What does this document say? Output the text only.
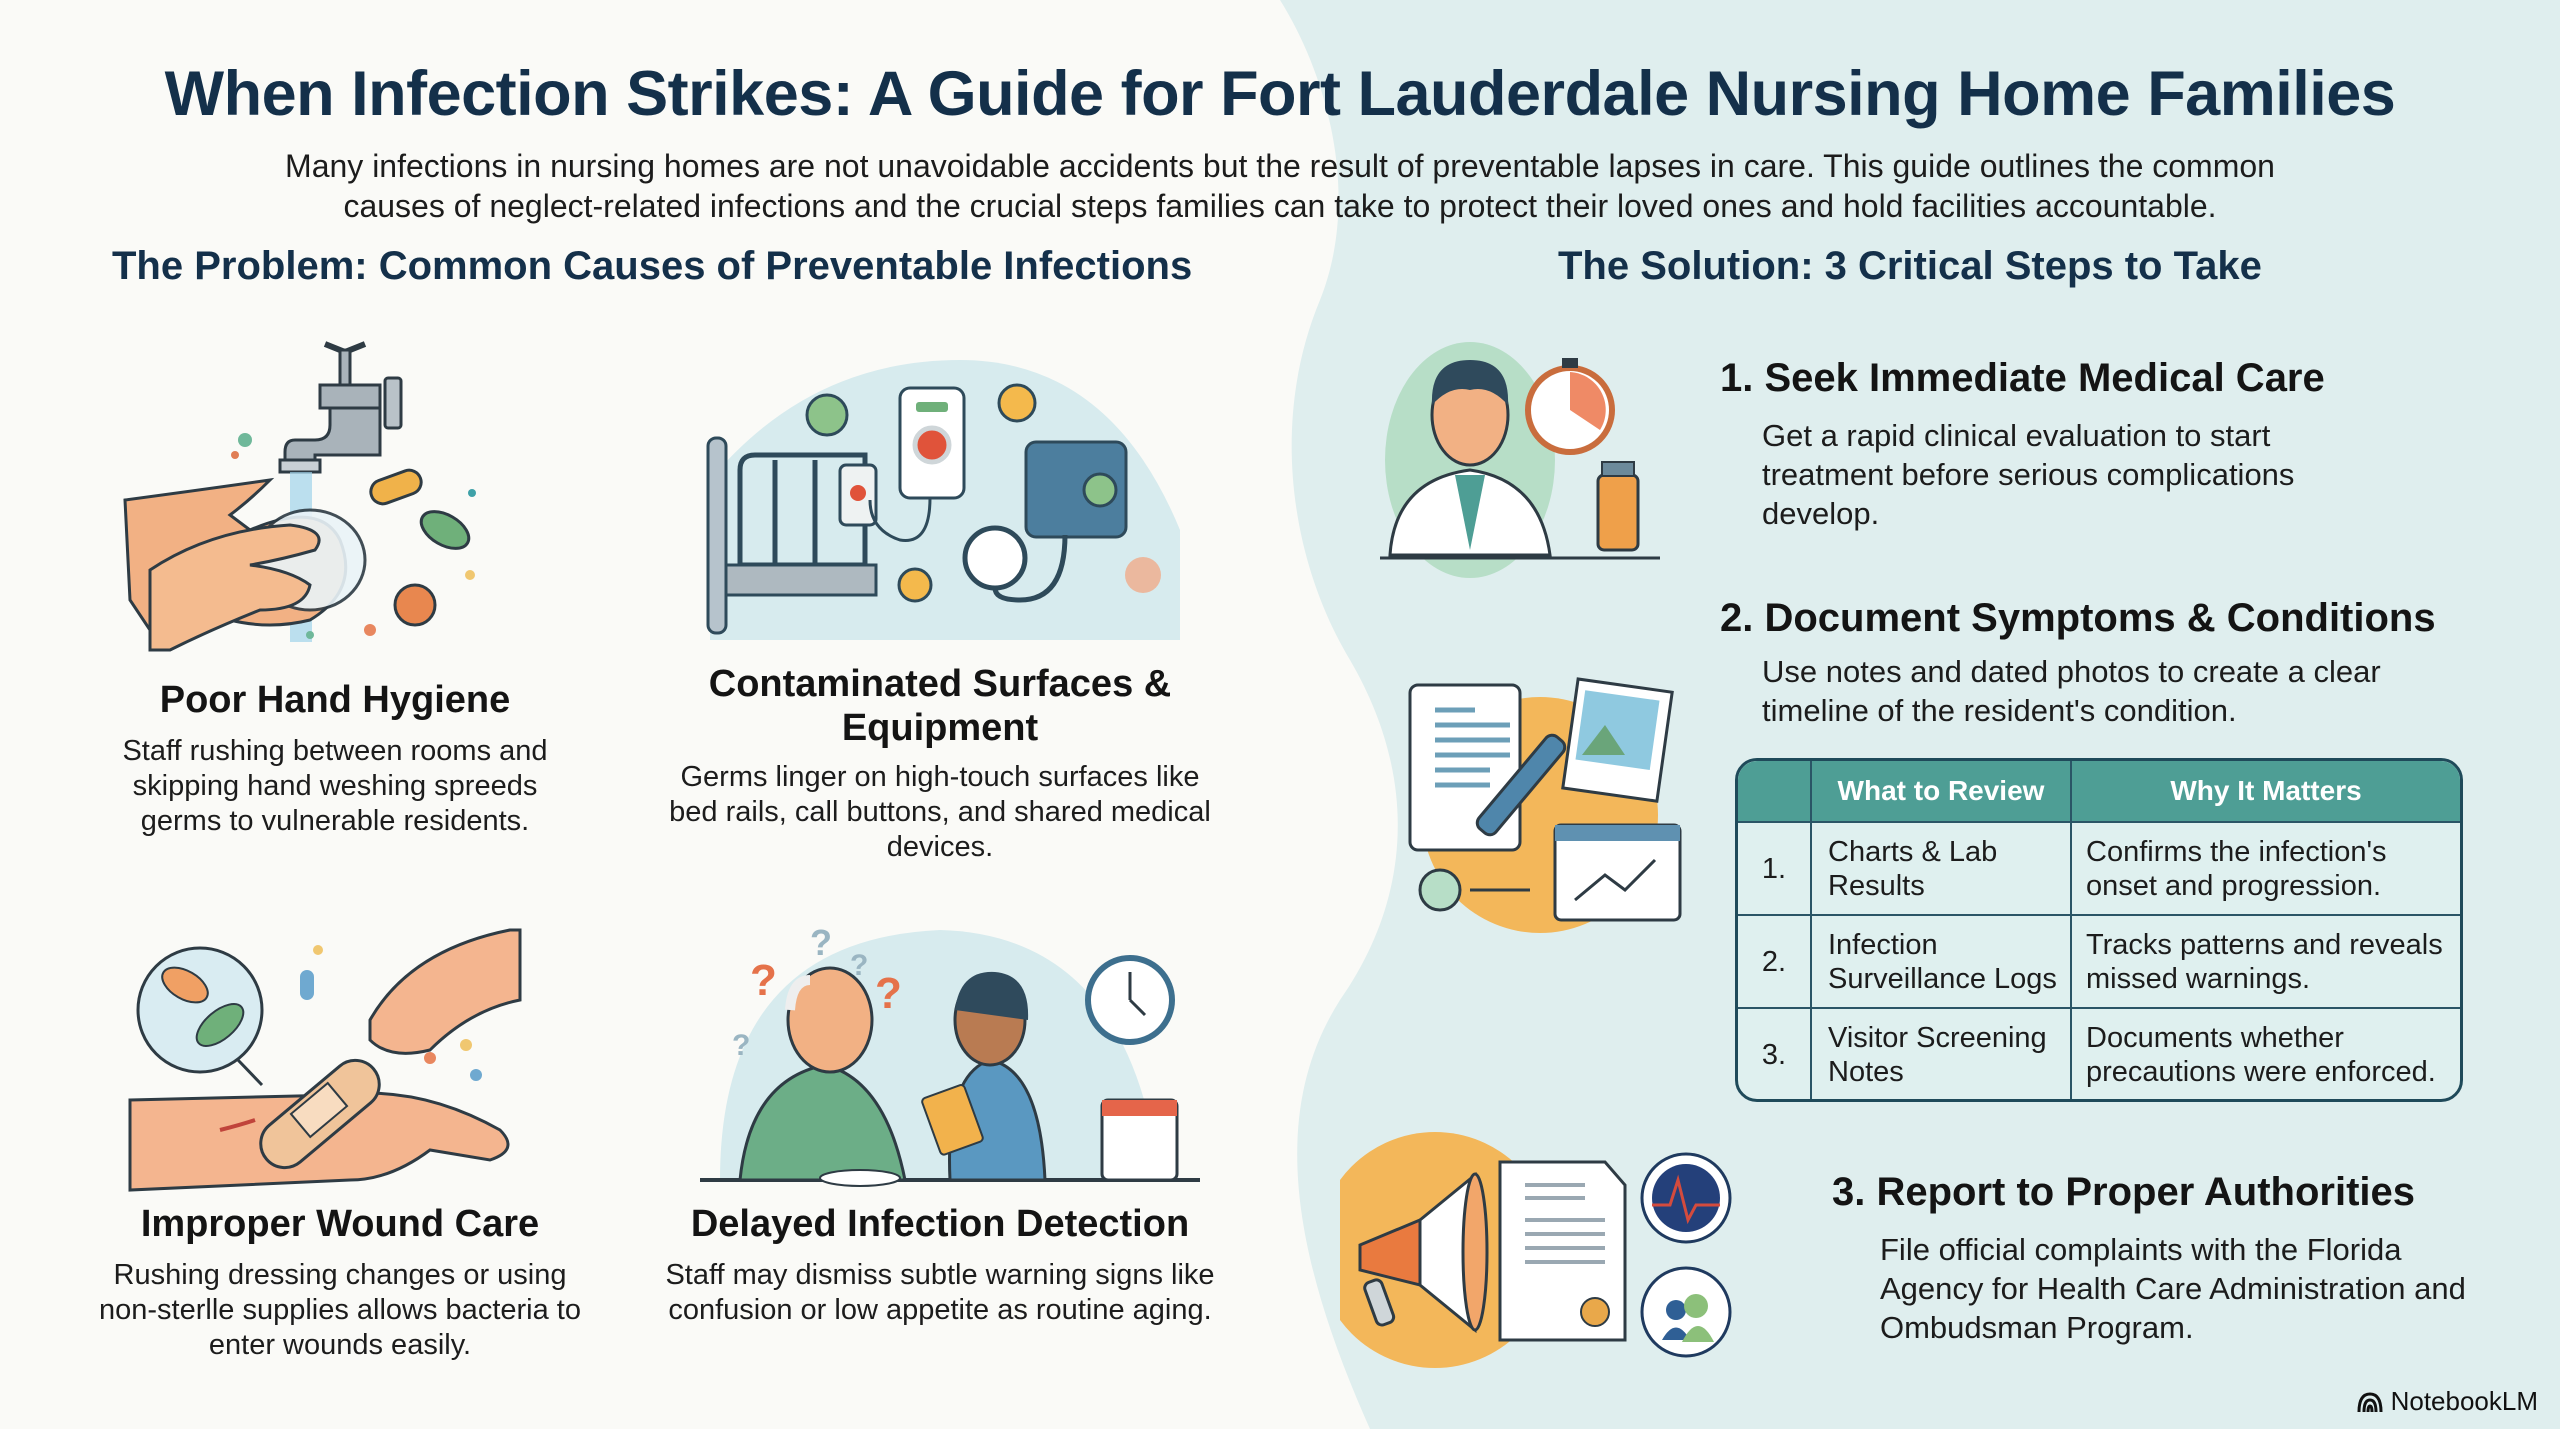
When Infection Strikes: A Guide for Fort Lauderdale Nursing Home Families
Many infections in nursing homes are not unavoidable accidents but the result of preventable lapses in care. This guide outlines the common
causes of neglect-related infections and the crucial steps families can take to protect their loved ones and hold facilities accountable.
The Problem: Common Causes of Preventable Infections	The Solution: 3 Critical Steps to Take
Poor Hand Hygiene

Staff rushing between rooms and skipping hand weshing spreeds germs to vulnerable residents.

Contaminated Surfaces & Equipment

Germs linger on high-touch surfaces like bed rails, call buttons, and shared medical devices.

Improper Wound Care

Rushing dressing changes or using non-sterlle supplies allows bacteria to enter wounds easily.

? ?
?
?
?
Delayed Infection Detection

Staff may dismiss subtle warning signs like confusion or low appetite as routine aging.

1. Seek Immediate Medical Care

Get a rapid clinical evaluation to start treatment before serious complications develop.

2. Document Symptoms & Conditions

Use notes and dated photos to create a clear timeline of the resident's condition.

What to Review	Why It Matters
1.
Charts & Lab Results
Confirms the infection's onset and progression.
2.
Infection Surveillance Logs
Tracks patterns and reveals missed warnings.
3.
Visitor Screening Notes
Documents whether precautions were enforced.
3. Report to Proper Authorities

File official complaints with the Florida Agency for Health Care Administration and Ombudsman Program.

NotebookLM
